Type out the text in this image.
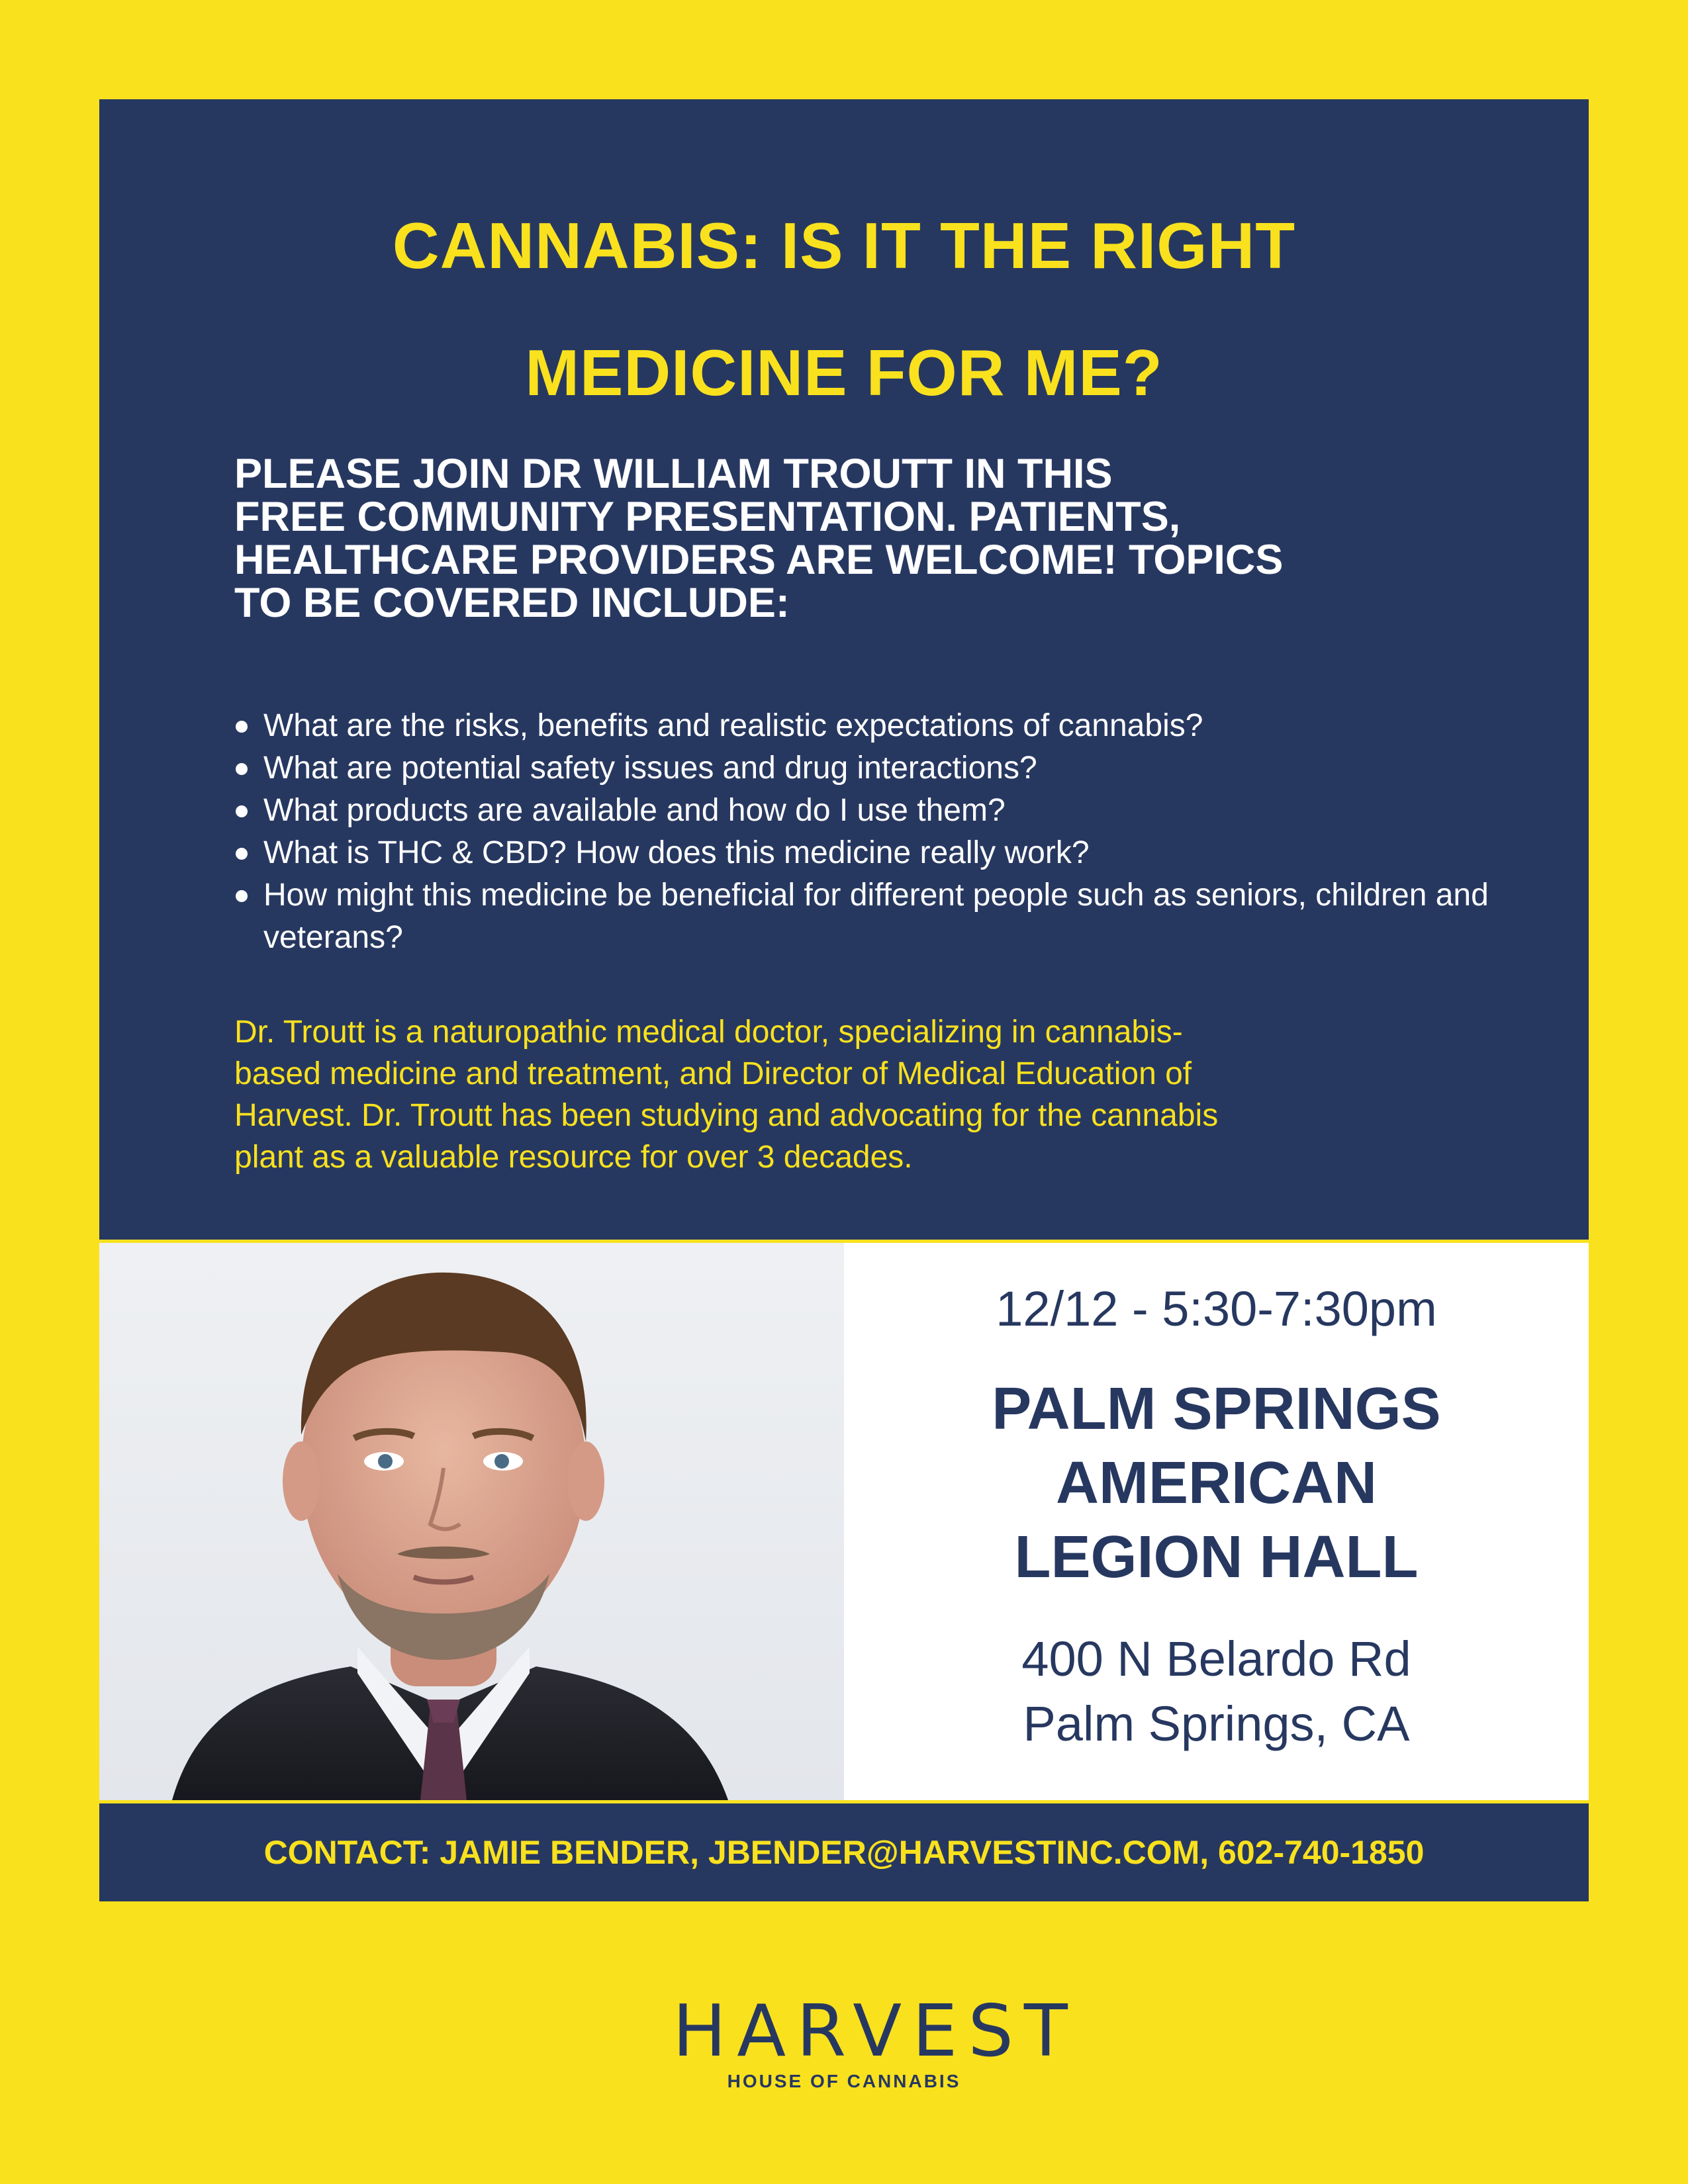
CANNABIS: IS IT THE RIGHT
MEDICINE FOR ME?

PLEASE JOIN DR WILLIAM TROUTT IN THIS
FREE COMMUNITY PRESENTATION. PATIENTS,
HEALTHCARE PROVIDERS ARE WELCOME! TOPICS
TO BE COVERED INCLUDE:

What are the risks, benefits and realistic expectations of cannabis?
What are potential safety issues and drug interactions?
What products are available and how do I use them?
What is THC & CBD? How does this medicine really work?
How might this medicine be beneficial for different people such as seniors, children and veterans?

Dr. Troutt is a naturopathic medical doctor, specializing in cannabis-
based medicine and treatment, and Director of Medical Education of
Harvest. Dr. Troutt has been studying and advocating for the cannabis
plant as a valuable resource for over 3 decades.

12/12 - 5:30-7:30pm
PALM SPRINGS
AMERICAN
LEGION HALL
400 N Belardo Rd
Palm Springs, CA
CONTACT: JAMIE BENDER, JBENDER@HARVESTINC.COM, 602-740-1850
HARVEST
HOUSE OF CANNABIS
